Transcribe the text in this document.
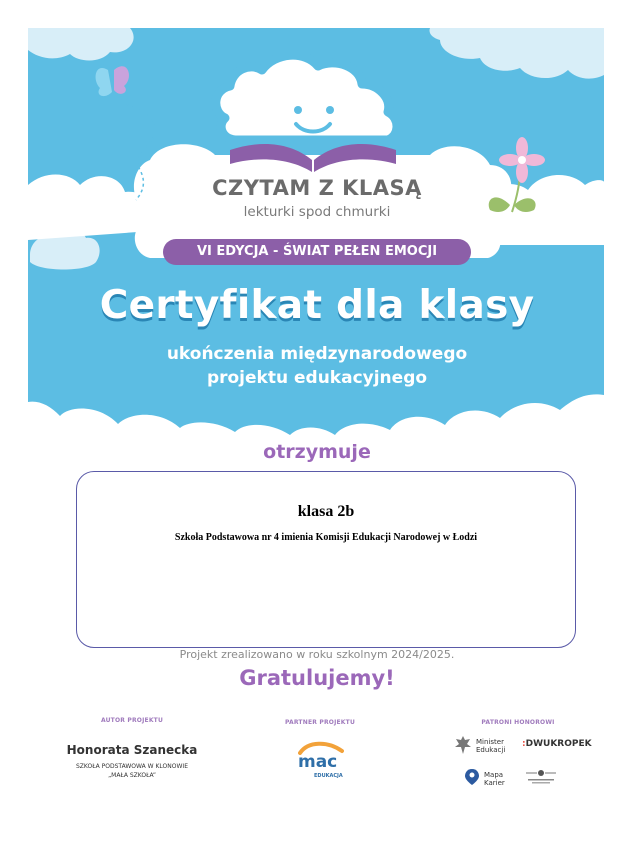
CZYTAM Z KLASĄ
lekturki spod chmurki
VI EDYCJA - ŚWIAT PEŁEN EMOCJI
Certyfikat dla klasy
ukończenia międzynarodowego
projektu edukacyjnego
otrzymuje
klasa 2b
Szkoła Podstawowa nr 4 imienia Komisji Edukacji Narodowej w Łodzi
Projekt zrealizowano w roku szkolnym 2024/2025.
Gratulujemy!
AUTOR PROJEKTU
Honorata Szanecka
SZKOŁA PODSTAWOWA W KLONOWIE
„MAŁA SZKOŁA”
PARTNER PROJEKTU
mac
EDUKACJA
PATRONI HONOROWI
Minister
Edukacji
:DWUKROPEK
Mapa
Karier
